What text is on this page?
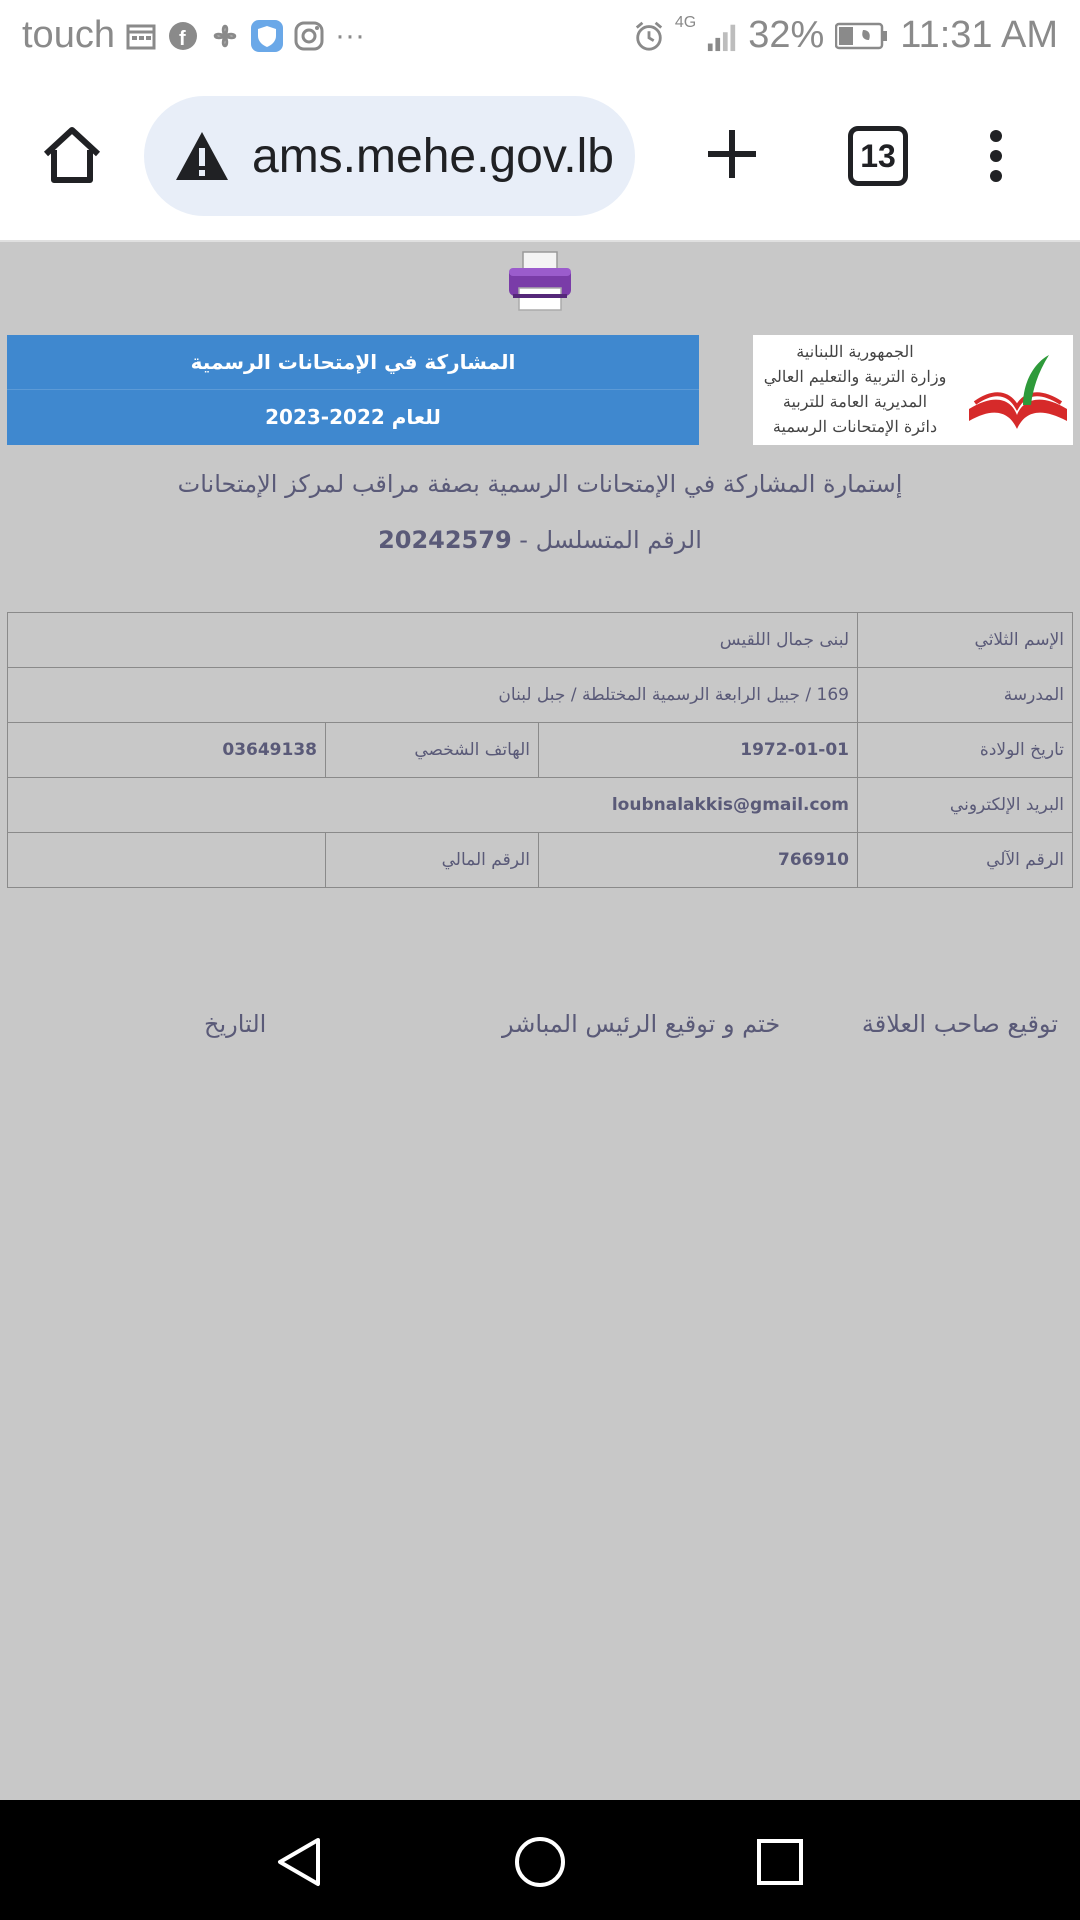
touch	f	···	4G 32% 11:31 AM
ams.mehe.gov.lb	13
المشاركة في الإمتحانات الرسمية
للعام 2022-2023
الجمهورية اللبنانية
وزارة التربية والتعليم العالي
المديرية العامة للتربية
دائرة الإمتحانات الرسمية
إستمارة المشاركة في الإمتحانات الرسمية بصفة مراقب لمركز الإمتحانات
الرقم المتسلسل - 20242579
الإسم الثلاثي	لبنى جمال اللقيس		
المدرسة	169 / جبيل الرابعة الرسمية المختلطة / جبل لبنان		
تاريخ الولادة	1972-01-01	الهاتف الشخصي	03649138
البريد الإلكتروني	loubnalakkis@gmail.com		
الرقم الآلي	766910	الرقم المالي	
توقيع صاحب العلاقة
ختم و توقيع الرئيس المباشر
التاريخ
